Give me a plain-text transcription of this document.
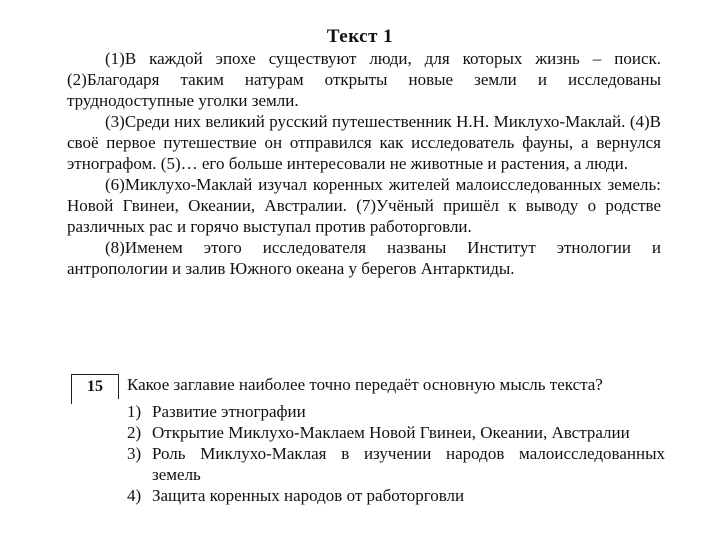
Текст 1

(1)В каждой эпохе существуют люди, для которых жизнь – поиск. (2)Благодаря таким натурам открыты новые земли и исследованы труднодоступные уголки земли.

(3)Среди них великий русский путешественник Н.Н. Миклухо-Маклай. (4)В своё первое путешествие он отправился как исследователь фауны, а вернулся этнографом. (5)… его больше интересовали не животные и растения, а люди.

(6)Миклухо-Маклай изучал коренных жителей малоисследованных земель: Новой Гвинеи, Океании, Австралии. (7)Учёный пришёл к выводу о родстве различных рас и горячо выступал против работорговли.

(8)Именем этого исследователя названы Институт этнологии и антропологии и залив Южного океана у берегов Антарктиды.

15	Какое заглавие наиболее точно передаёт основную мысль текста?
1) Развитие этнографии
2) Открытие Миклухо-Маклаем Новой Гвинеи, Океании, Австралии
3) Роль Миклухо-Маклая в изучении народов малоисследованных земель
4) Защита коренных народов от работорговли
